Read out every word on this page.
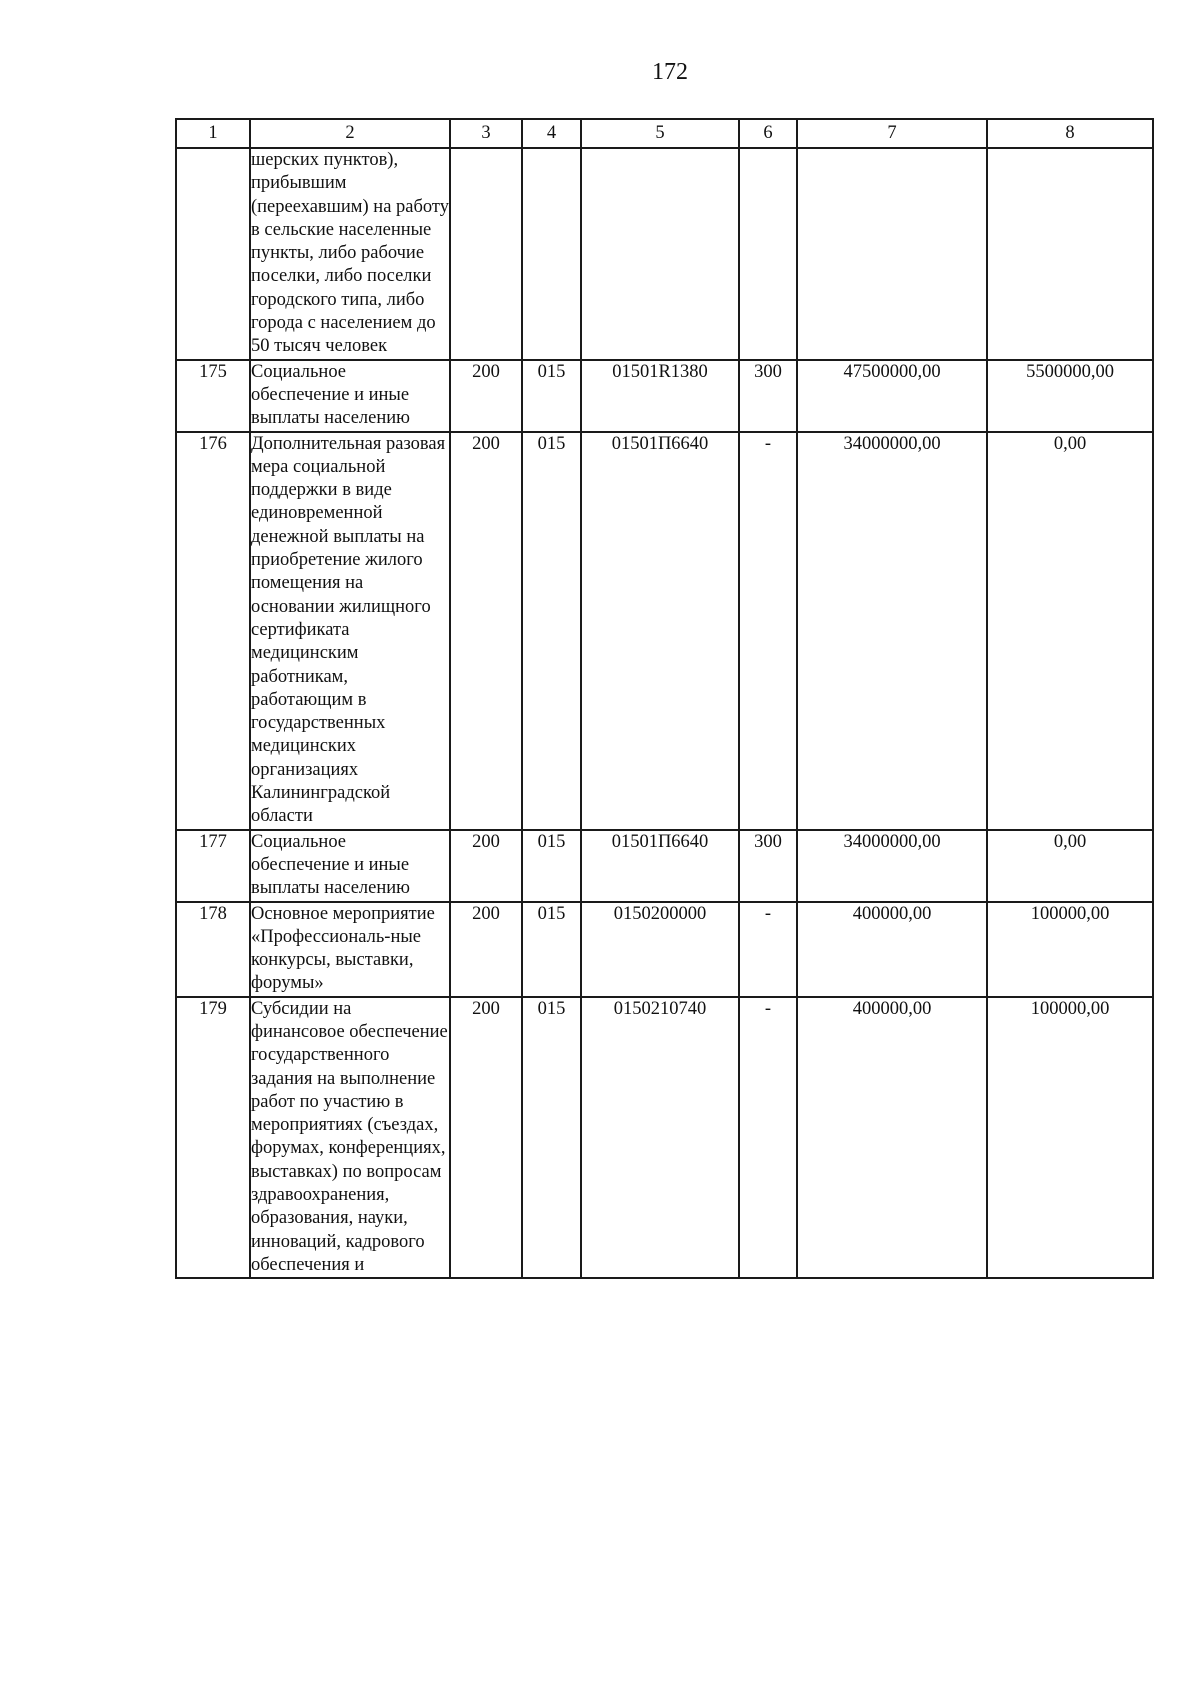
172
1	2	3	4	5	6	7	8
	шерских пунктов), прибывшим (переехавшим) на работу в сельские населенные пункты, либо рабочие поселки, либо поселки городского типа, либо города с населением до 50 тысяч человек						
175	Социальное обеспечение и иные выплаты населению	200	015	01501R1380	300	47500000,00	5500000,00
176	Дополнительная разовая мера социальной поддержки в виде единовременной денежной выплаты на приобретение жилого помещения на основании жилищного сертификата медицинским работникам, работающим в государственных медицинских организациях Калининградской области	200	015	01501П6640	-	34000000,00	0,00
177	Социальное обеспечение и иные выплаты населению	200	015	01501П6640	300	34000000,00	0,00
178	Основное мероприятие «Профессиональ-ные конкурсы, выставки, форумы»	200	015	0150200000	-	400000,00	100000,00
179	Субсидии на финансовое обеспечение государственного задания на выполнение работ по участию в мероприятиях (съездах, форумах, конференциях, выставках) по вопросам здравоохранения, образования, науки, инноваций, кадрового обеспечения и	200	015	0150210740	-	400000,00	100000,00
